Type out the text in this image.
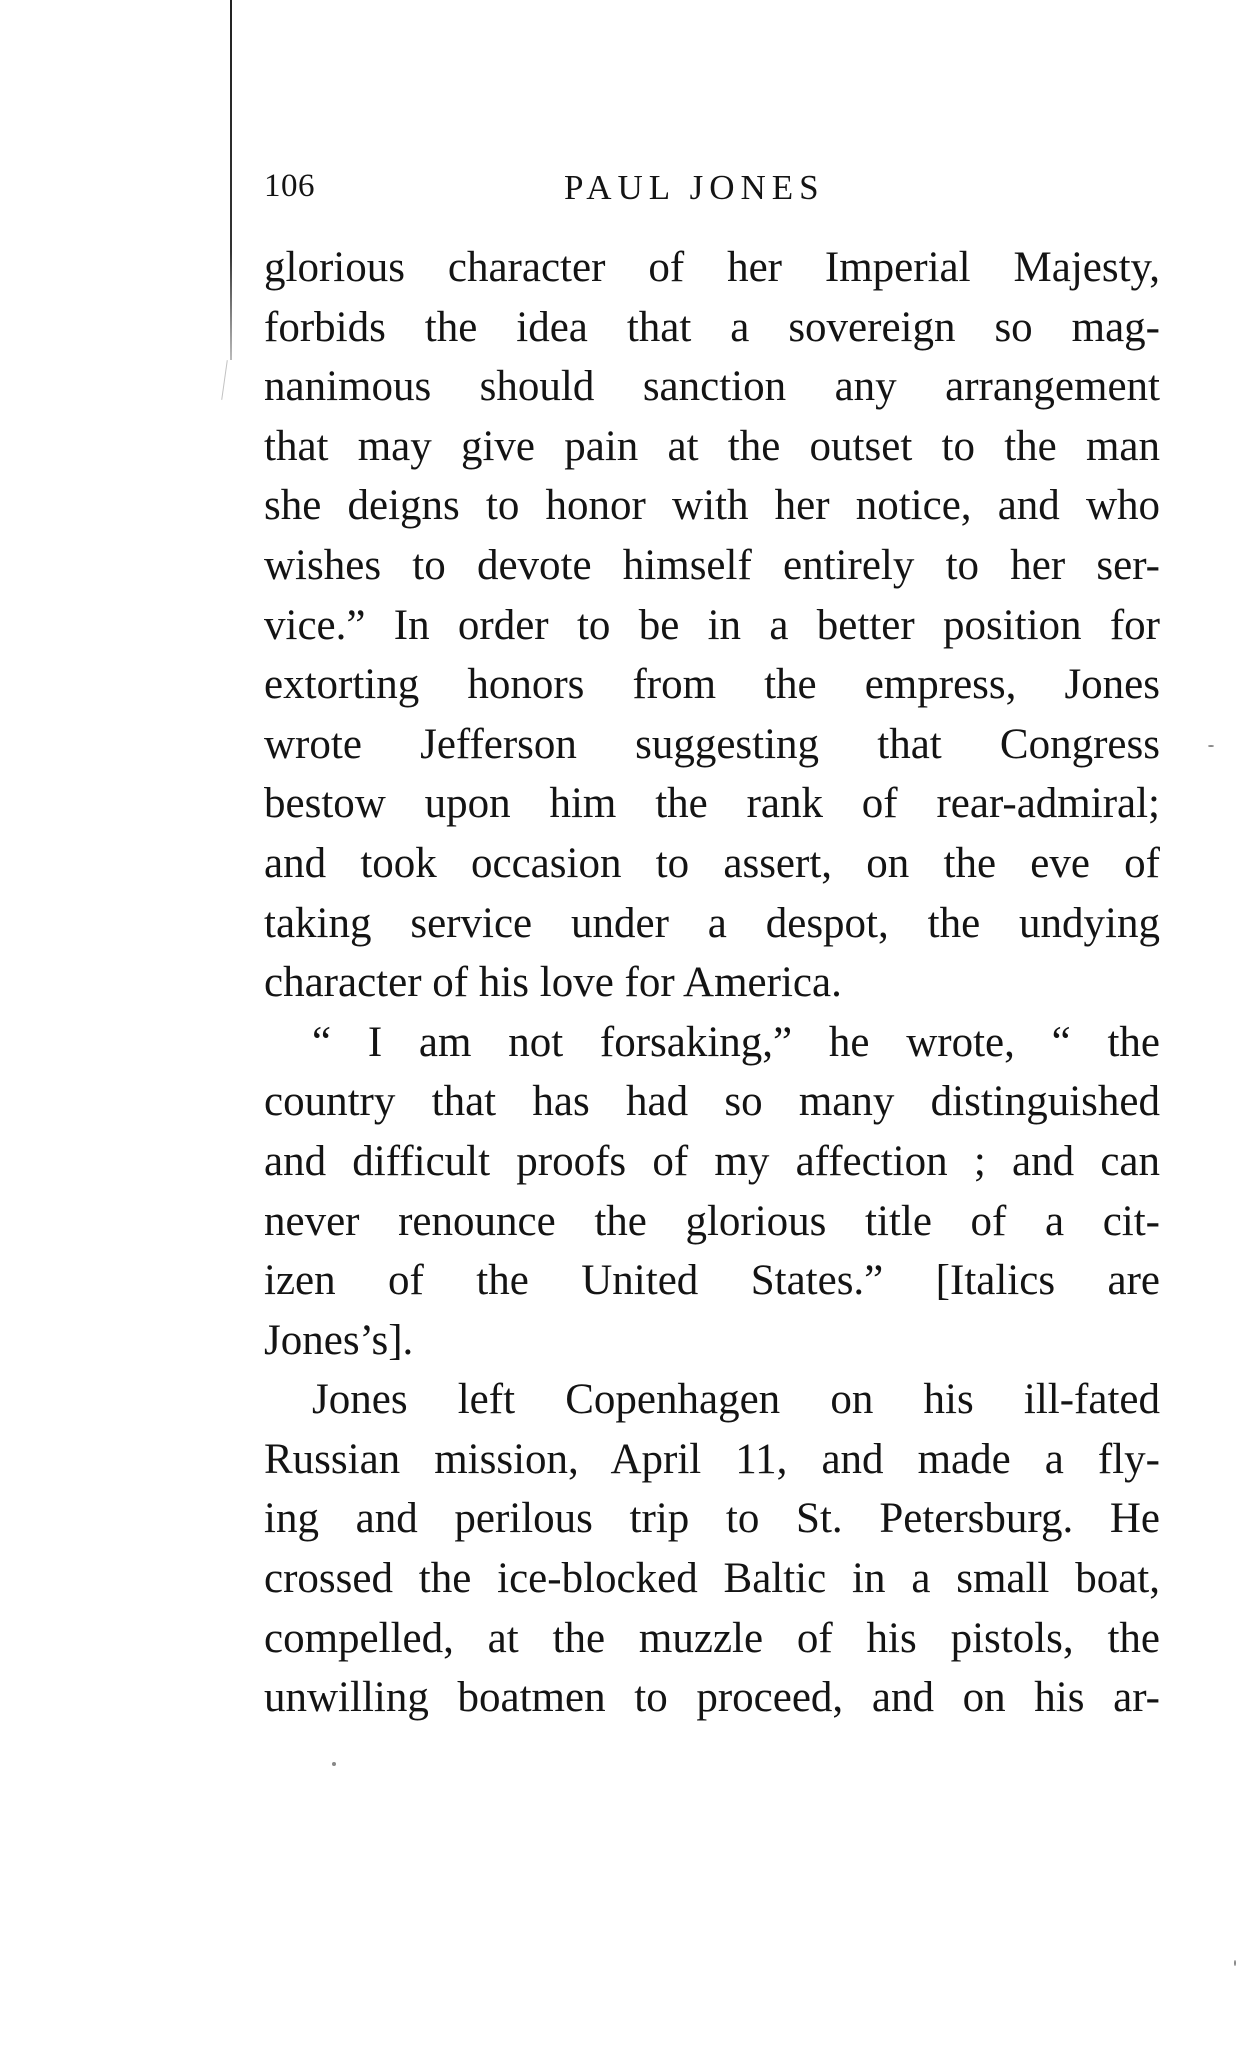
106	PAUL JONES
glorious character of her Imperial Majesty,
forbids the idea that a sovereign so mag-
nanimous should sanction any arrangement
that may give pain at the outset to the man
she deigns to honor with her notice, and who
wishes to devote himself entirely to her ser-
vice.” In order to be in a better position for
extorting honors from the empress, Jones
wrote Jefferson suggesting that Congress
bestow upon him the rank of rear-admiral;
and took occasion to assert, on the eve of
taking service under a despot, the undying
character of his love for America.
“ I am not forsaking,” he wrote, “ the
country that has had so many distinguished
and difficult proofs of my affection ; and can
never renounce the glorious title of a cit-
izen of the United States.” [Italics are
Jones’s].
Jones left Copenhagen on his ill-fated
Russian mission, April 11, and made a fly-
ing and perilous trip to St. Petersburg. He
crossed the ice-blocked Baltic in a small boat,
compelled, at the muzzle of his pistols, the
unwilling boatmen to proceed, and on his ar-
